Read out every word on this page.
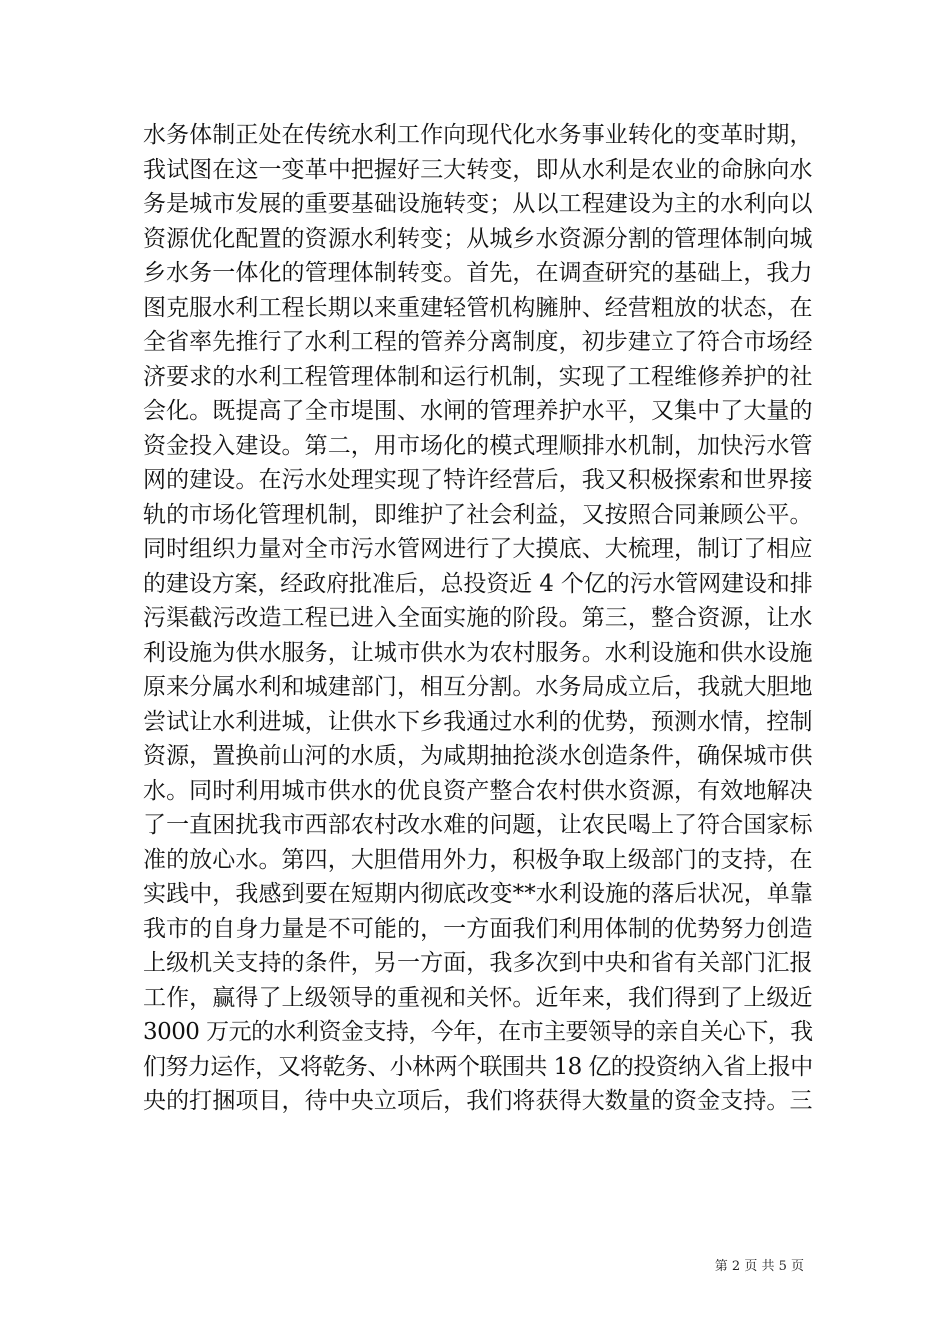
水务体制正处在传统水利工作向现代化水务事业转化的变革时期，
我试图在这一变革中把握好三大转变，即从水利是农业的命脉向水
务是城市发展的重要基础设施转变；从以工程建设为主的水利向以
资源优化配置的资源水利转变；从城乡水资源分割的管理体制向城
乡水务一体化的管理体制转变。首先，在调查研究的基础上，我力
图克服水利工程长期以来重建轻管机构臃肿、经营粗放的状态，在
全省率先推行了水利工程的管养分离制度，初步建立了符合市场经
济要求的水利工程管理体制和运行机制，实现了工程维修养护的社
会化。既提高了全市堤围、水闸的管理养护水平，又集中了大量的
资金投入建设。第二，用市场化的模式理顺排水机制，加快污水管
网的建设。在污水处理实现了特许经营后，我又积极探索和世界接
轨的市场化管理机制，即维护了社会利益，又按照合同兼顾公平。
同时组织力量对全市污水管网进行了大摸底、大梳理，制订了相应
的建设方案，经政府批准后，总投资近 4 个亿的污水管网建设和排
污渠截污改造工程已进入全面实施的阶段。第三，整合资源，让水
利设施为供水服务，让城市供水为农村服务。水利设施和供水设施
原来分属水利和城建部门，相互分割。水务局成立后，我就大胆地
尝试让水利进城，让供水下乡我通过水利的优势，预测水情，控制
资源，置换前山河的水质，为咸期抽抢淡水创造条件，确保城市供
水。同时利用城市供水的优良资产整合农村供水资源，有效地解决
了一直困扰我市西部农村改水难的问题，让农民喝上了符合国家标
准的放心水。第四，大胆借用外力，积极争取上级部门的支持，在
实践中，我感到要在短期内彻底改变**水利设施的落后状况，单靠
我市的自身力量是不可能的，一方面我们利用体制的优势努力创造
上级机关支持的条件，另一方面，我多次到中央和省有关部门汇报
工作，赢得了上级领导的重视和关怀。近年来，我们得到了上级近
3000 万元的水利资金支持，今年，在市主要领导的亲自关心下，我
们努力运作，又将乾务、小林两个联围共 18 亿的投资纳入省上报中
央的打捆项目，待中央立项后，我们将获得大数量的资金支持。三
第 2 页 共 5 页
